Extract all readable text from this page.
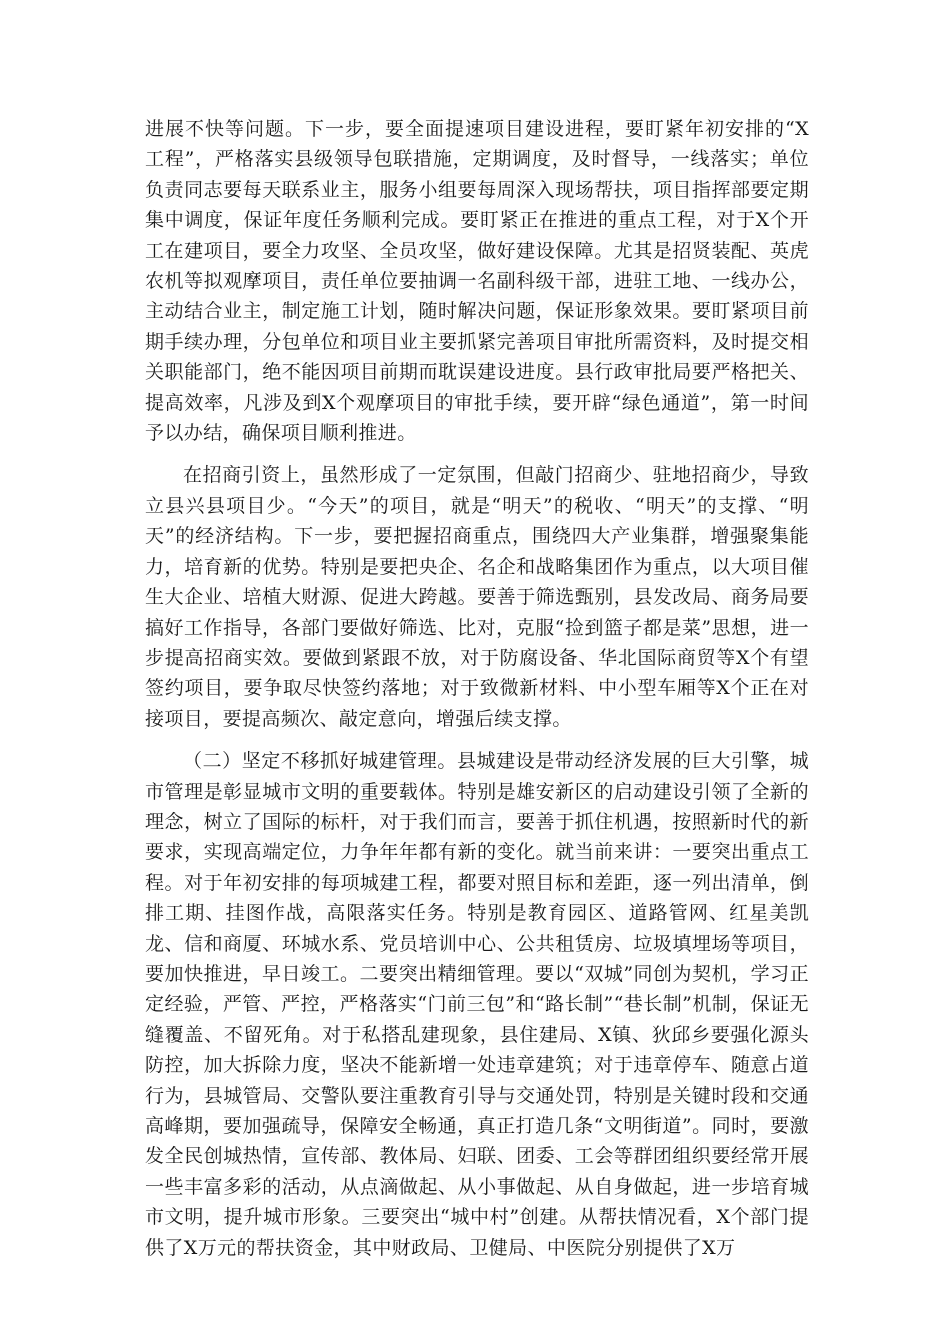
进展不快等问题。下一步，要全面提速项目建设进程，要盯紧年初安排的“X工程”，严格落实县级领导包联措施，定期调度，及时督导，一线落实；单位负责同志要每天联系业主，服务小组要每周深入现场帮扶，项目指挥部要定期集中调度，保证年度任务顺利完成。要盯紧正在推进的重点工程，对于X个开工在建项目，要全力攻坚、全员攻坚，做好建设保障。尤其是招贤装配、英虎农机等拟观摩项目，责任单位要抽调一名副科级干部，进驻工地、一线办公，主动结合业主，制定施工计划，随时解决问题，保证形象效果。要盯紧项目前期手续办理，分包单位和项目业主要抓紧完善项目审批所需资料，及时提交相关职能部门，绝不能因项目前期而耽误建设进度。县行政审批局要严格把关、提高效率，凡涉及到X个观摩项目的审批手续，要开辟“绿色通道”，第一时间予以办结，确保项目顺利推进。

在招商引资上，虽然形成了一定氛围，但敲门招商少、驻地招商少，导致立县兴县项目少。“今天”的项目，就是“明天”的税收、“明天”的支撑、“明天”的经济结构。下一步，要把握招商重点，围绕四大产业集群，增强聚集能力，培育新的优势。特别是要把央企、名企和战略集团作为重点，以大项目催生大企业、培植大财源、促进大跨越。要善于筛选甄别，县发改局、商务局要搞好工作指导，各部门要做好筛选、比对，克服“捡到篮子都是菜”思想，进一步提高招商实效。要做到紧跟不放，对于防腐设备、华北国际商贸等X个有望签约项目，要争取尽快签约落地；对于致微新材料、中小型车厢等X个正在对接项目，要提高频次、敲定意向，增强后续支撑。

（二）坚定不移抓好城建管理。县城建设是带动经济发展的巨大引擎，城市管理是彰显城市文明的重要载体。特别是雄安新区的启动建设引领了全新的理念，树立了国际的标杆，对于我们而言，要善于抓住机遇，按照新时代的新要求，实现高端定位，力争年年都有新的变化。就当前来讲：一要突出重点工程。对于年初安排的每项城建工程，都要对照目标和差距，逐一列出清单，倒排工期、挂图作战，高限落实任务。特别是教育园区、道路管网、红星美凯龙、信和商厦、环城水系、党员培训中心、公共租赁房、垃圾填埋场等项目，要加快推进，早日竣工。二要突出精细管理。要以“双城”同创为契机，学习正定经验，严管、严控，严格落实“门前三包”和“路长制”“巷长制”机制，保证无缝覆盖、不留死角。对于私搭乱建现象，县住建局、X镇、狄邱乡要强化源头防控，加大拆除力度，坚决不能新增一处违章建筑；对于违章停车、随意占道行为，县城管局、交警队要注重教育引导与交通处罚，特别是关键时段和交通高峰期，要加强疏导，保障安全畅通，真正打造几条“文明街道”。同时，要激发全民创城热情，宣传部、教体局、妇联、团委、工会等群团组织要经常开展一些丰富多彩的活动，从点滴做起、从小事做起、从自身做起，进一步培育城市文明，提升城市形象。三要突出“城中村”创建。从帮扶情况看，X个部门提供了X万元的帮扶资金，其中财政局、卫健局、中医院分别提供了X万
